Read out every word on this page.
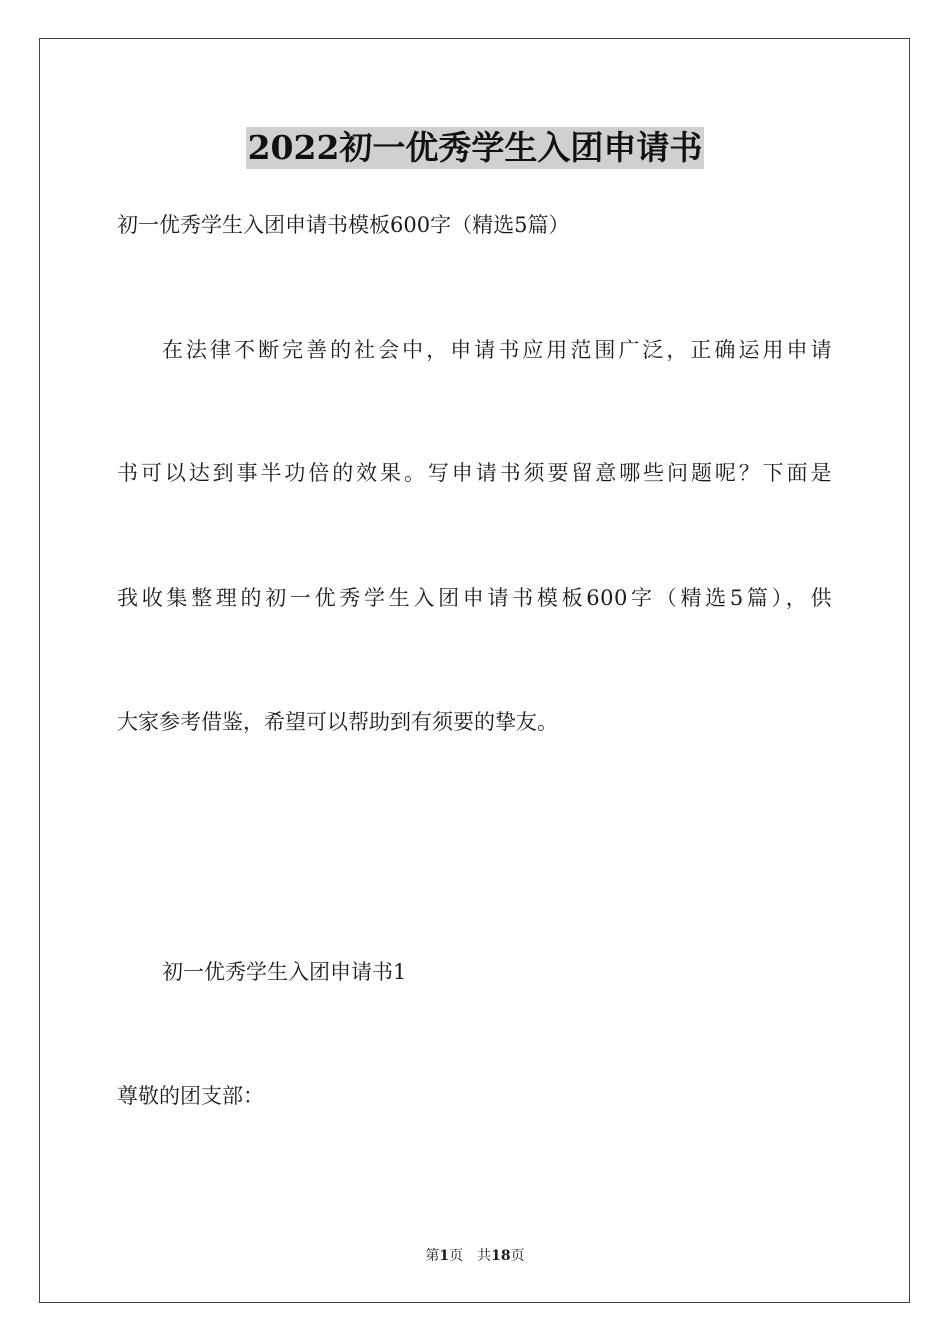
2022初一优秀学生入团申请书
初一优秀学生入团申请书模板600字（精选5篇）
在法律不断完善的社会中，申请书应用范围广泛，正确运用申请
书可以达到事半功倍的效果。写申请书须要留意哪些问题呢？下面是
我收集整理的初一优秀学生入团申请书模板600字（精选5篇），供
大家参考借鉴，希望可以帮助到有须要的挚友。
初一优秀学生入团申请书1
尊敬的团支部：
第1页 共18页
